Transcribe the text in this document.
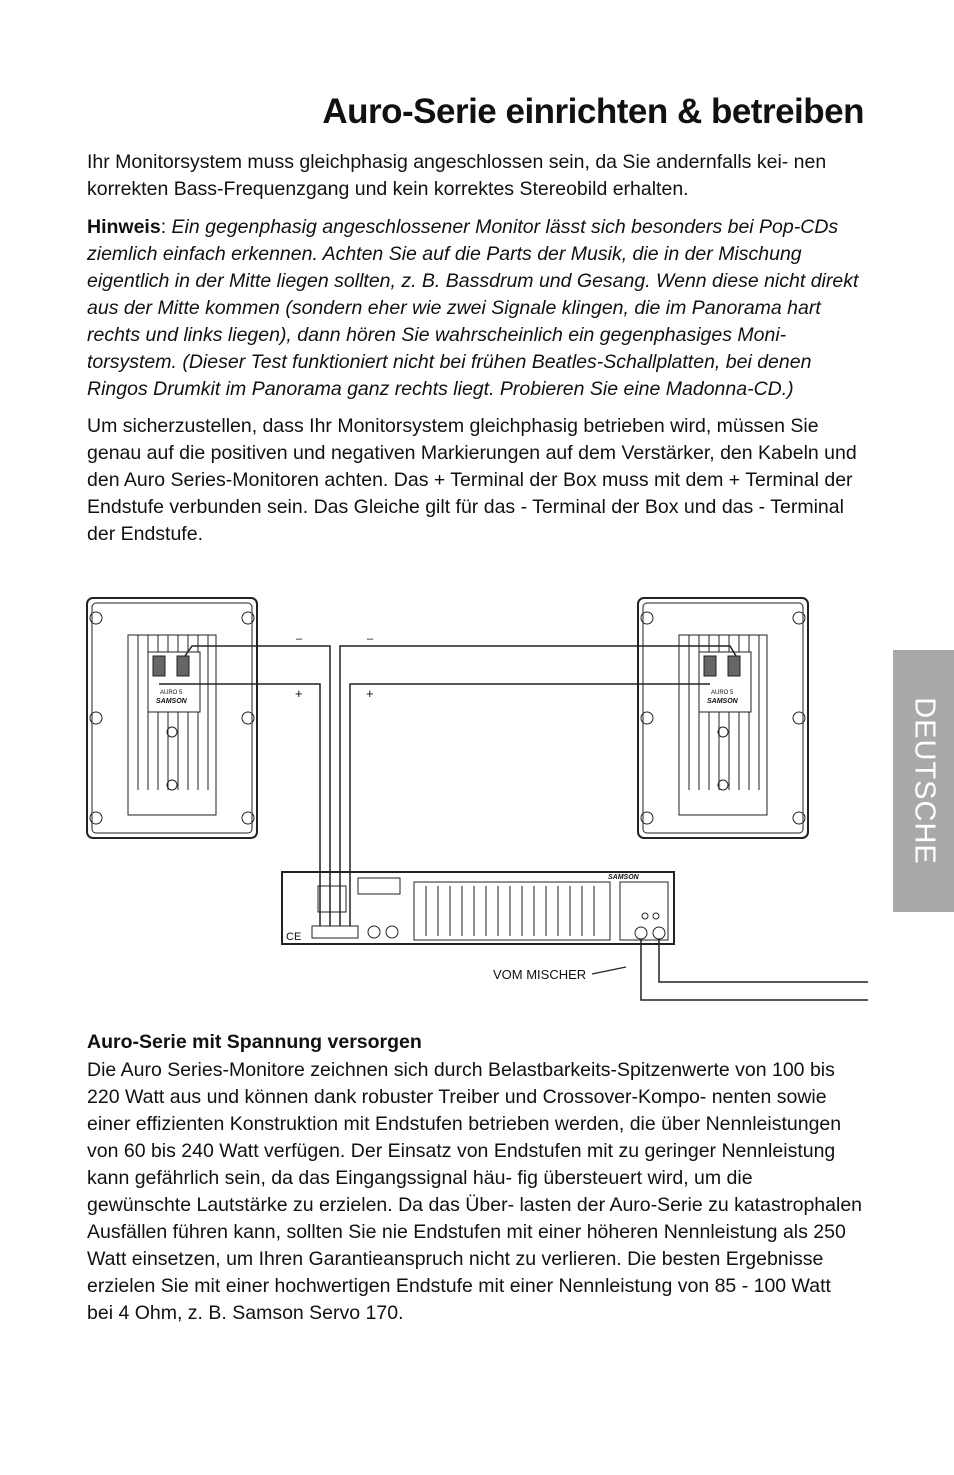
Auro-Serie einrichten & betreiben

Ihr Monitorsystem muss gleichphasig angeschlossen sein, da Sie andernfalls kei- nen korrekten Bass-Frequenzgang und kein korrektes Stereobild erhalten.

Hinweis: Ein gegenphasig angeschlossener Monitor lässt sich besonders bei Pop-CDs ziemlich einfach erkennen. Achten Sie auf die Parts der Musik, die in der Mischung eigentlich in der Mitte liegen sollten, z. B. Bassdrum und Gesang. Wenn diese nicht direkt aus der Mitte kommen (sondern eher wie zwei Signale klingen, die im Panorama hart rechts und links liegen), dann hören Sie wahrscheinlich ein gegenphasiges Moni- torsystem. (Dieser Test funktioniert nicht bei frühen Beatles-Schallplatten, bei denen Ringos Drumkit im Panorama ganz rechts liegt. Probieren Sie eine Madonna-CD.)

Um sicherzustellen, dass Ihr Monitorsystem gleichphasig betrieben wird, müssen Sie genau auf die positiven und negativen Markierungen auf dem Verstärker, den Kabeln und den Auro Series-Monitoren achten. Das + Terminal der Box muss mit dem + Terminal der Endstufe verbunden sein. Das Gleiche gilt für das - Terminal der Box und das - Terminal der Endstufe.

–	–
+	+
AURO 5
SAMSON
AURO 5
SAMSON
SAMSON
CE
VOM MISCHER
Auro-Serie mit Spannung versorgen

Die Auro Series-Monitore zeichnen sich durch Belastbarkeits-Spitzenwerte von 100 bis 220 Watt aus und können dank robuster Treiber und Crossover-Kompo- nenten sowie einer effizienten Konstruktion mit Endstufen betrieben werden, die über Nennleistungen von 60 bis 240 Watt verfügen. Der Einsatz von Endstufen mit zu geringer Nennleistung kann gefährlich sein, da das Eingangssignal häu- fig übersteuert wird, um die gewünschte Lautstärke zu erzielen. Da das Über- lasten der Auro-Serie zu katastrophalen Ausfällen führen kann, sollten Sie nie Endstufen mit einer höheren Nennleistung als 250 Watt einsetzen, um Ihren Garantieanspruch nicht zu verlieren. Die besten Ergebnisse erzielen Sie mit einer hochwertigen Endstufe mit einer Nennleistung von 85 - 100 Watt bei 4 Ohm, z. B. Samson Servo 170.

DEUTSCHE
